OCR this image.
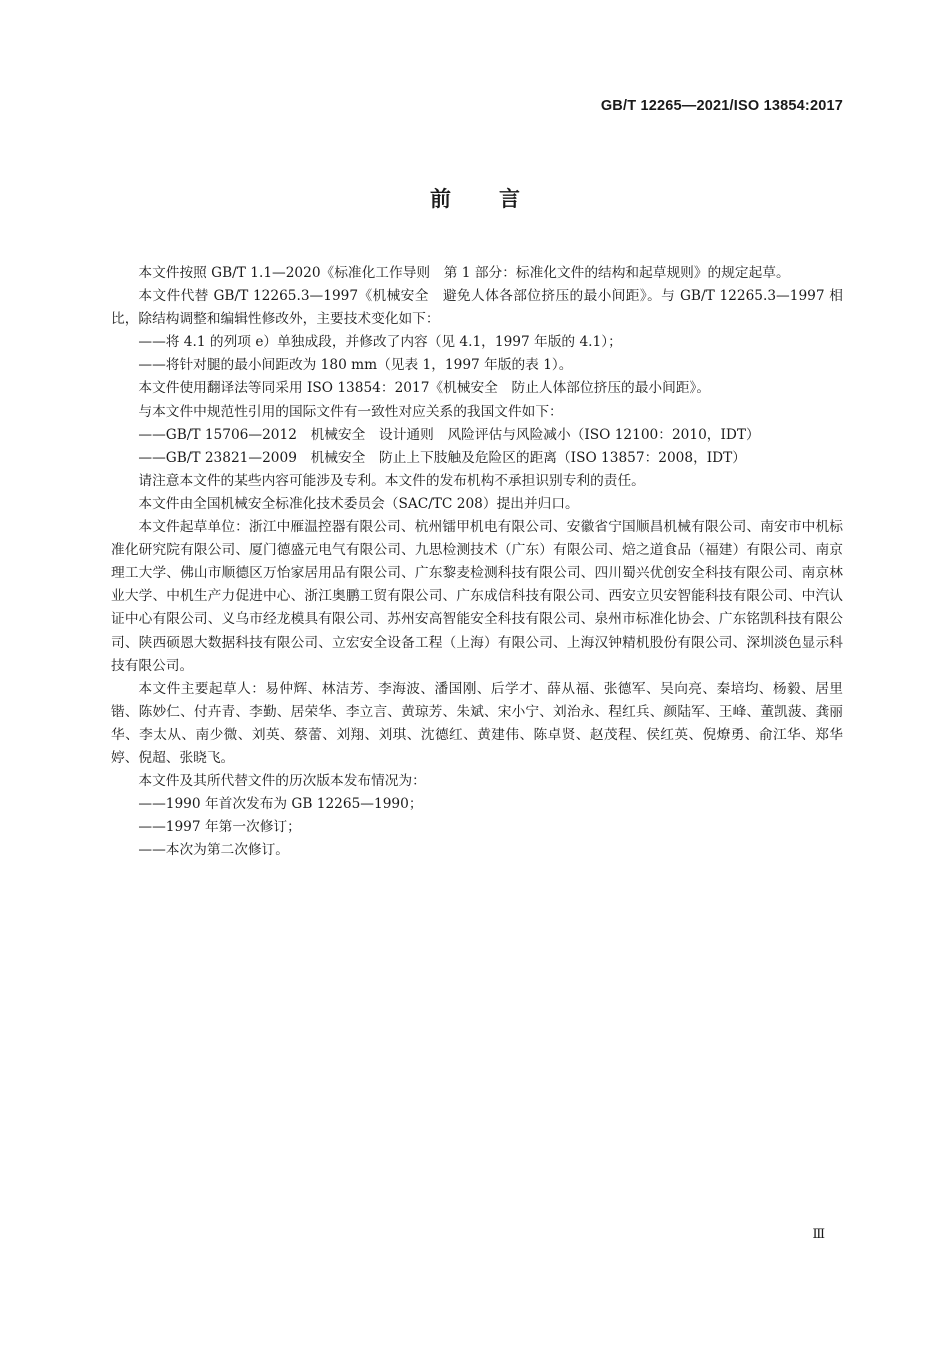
GB/T 12265—2021/ISO 13854:2017
前言

本文件按照 GB/T 1.1—2020《标准化工作导则　第 1 部分：标准化文件的结构和起草规则》的规定起草。

本文件代替 GB/T 12265.3—1997《机械安全　避免人体各部位挤压的最小间距》。与 GB/T 12265.3—1997 相比，除结构调整和编辑性修改外，主要技术变化如下：

——将 4.1 的列项 e）单独成段，并修改了内容（见 4.1，1997 年版的 4.1）；

——将针对腿的最小间距改为 180 mm（见表 1，1997 年版的表 1）。

本文件使用翻译法等同采用 ISO 13854：2017《机械安全　防止人体部位挤压的最小间距》。

与本文件中规范性引用的国际文件有一致性对应关系的我国文件如下：

——GB/T 15706—2012　机械安全　设计通则　风险评估与风险减小（ISO 12100：2010，IDT）

——GB/T 23821—2009　机械安全　防止上下肢触及危险区的距离（ISO 13857：2008，IDT）

请注意本文件的某些内容可能涉及专利。本文件的发布机构不承担识别专利的责任。

本文件由全国机械安全标准化技术委员会（SAC/TC 208）提出并归口。

本文件起草单位：浙江中雁温控器有限公司、杭州镭甲机电有限公司、安徽省宁国顺昌机械有限公司、南安市中机标准化研究院有限公司、厦门德盛元电气有限公司、九思检测技术（广东）有限公司、焙之道食品（福建）有限公司、南京理工大学、佛山市顺德区万怡家居用品有限公司、广东黎麦检测科技有限公司、四川蜀兴优创安全科技有限公司、南京林业大学、中机生产力促进中心、浙江奥鹏工贸有限公司、广东成信科技有限公司、西安立贝安智能科技有限公司、中汽认证中心有限公司、义乌市经龙模具有限公司、苏州安高智能安全科技有限公司、泉州市标准化协会、广东铭凯科技有限公司、陕西硕恩大数据科技有限公司、立宏安全设备工程（上海）有限公司、上海汉钟精机股份有限公司、深圳淡色显示科技有限公司。

本文件主要起草人：易仲辉、林洁芳、李海波、潘国刚、后学才、薛从福、张德军、吴向亮、秦培均、杨毅、居里锴、陈妙仁、付卉青、李勤、居荣华、李立言、黄琼芳、朱斌、宋小宁、刘治永、程红兵、颜陆军、王峰、董凯菠、龚丽华、李太从、南少微、刘英、蔡蕾、刘翔、刘琪、沈德红、黄建伟、陈卓贤、赵茂程、侯红英、倪燎勇、俞江华、郑华婷、倪超、张晓飞。

本文件及其所代替文件的历次版本发布情况为：

——1990 年首次发布为 GB 12265—1990；

——1997 年第一次修订；

——本次为第二次修订。

Ⅲ
